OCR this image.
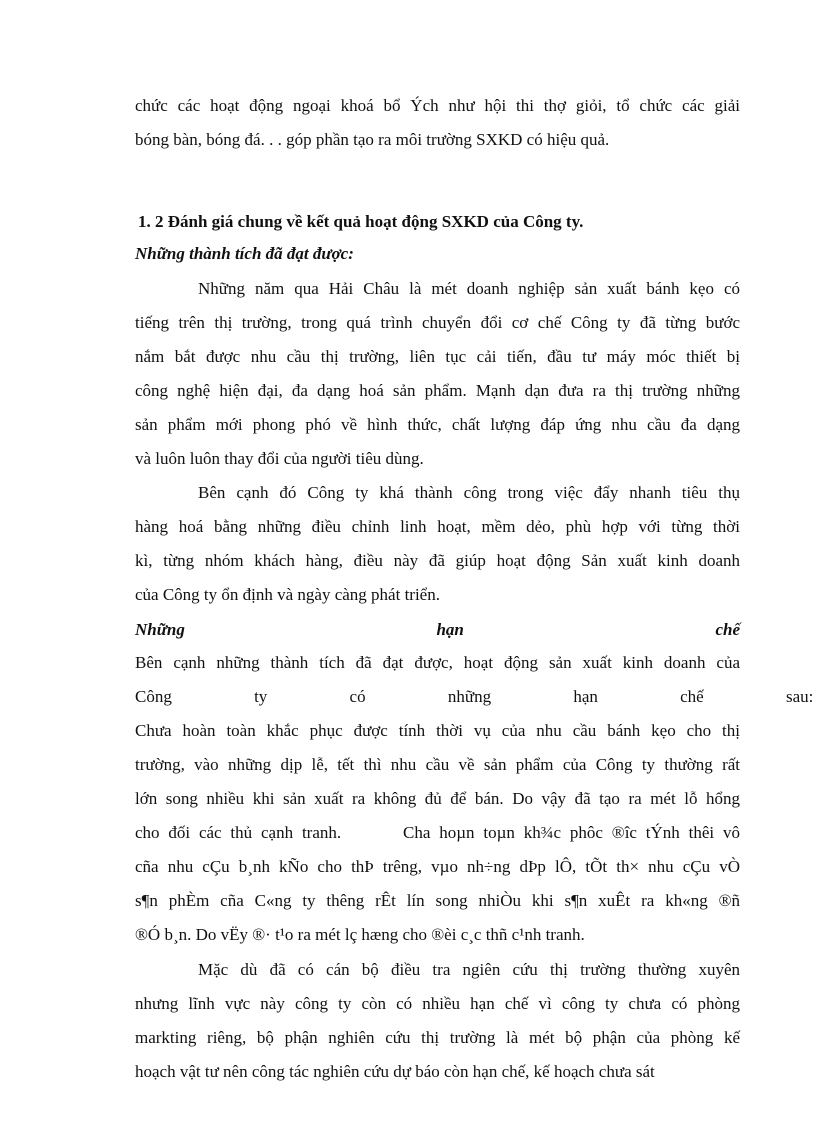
chức các hoạt động ngoại khoá bổ Ých như hội thi thợ giỏi, tổ chức các giải
bóng bàn, bóng đá. . . góp phần tạo ra môi trường SXKD có hiệu quả.
1. 2 Đánh giá chung về kết quả hoạt động SXKD của Công ty.
Những thành tích đã đạt được:
Những năm qua Hải Châu là mét doanh nghiệp sản xuất bánh kẹo có
tiếng trên thị trường, trong quá trình chuyển đổi cơ chế Công ty đã từng bước
nắm bắt được nhu cầu thị trường, liên tục cải tiến, đầu tư máy móc thiết bị
công nghệ hiện đại, đa dạng hoá sản phẩm. Mạnh dạn đưa ra thị trường những
sản phẩm mới phong phó về hình thức, chất lượng đáp ứng nhu cầu đa dạng
và luôn luôn thay đổi của người tiêu dùng.
Bên cạnh đó Công ty khá thành công trong việc đẩy nhanh tiêu thụ
hàng hoá bằng những điều chỉnh linh hoạt, mềm dẻo, phù hợp với từng thời
kì, từng nhóm khách hàng, điều này đã giúp hoạt động Sản xuất kinh doanh
của Công ty ổn định và ngày càng phát triển.
Những hạn chế
Bên cạnh những thành tích đã đạt được, hoạt động sản xuất kinh doanh của
Công ty có những hạn chế sau:
Chưa hoàn toàn khắc phục được tính thời vụ của nhu cầu bánh kẹo cho thị
trường, vào những dịp lễ, tết thì nhu cầu về sản phẩm của Công ty thường rất
lớn song nhiều khi sản xuất ra không đủ để bán. Do vậy đã tạo ra mét lỗ hổng
cho đối các thủ cạnh tranh.       Cha hoµn toµn kh¾c phôc ®îc tÝnh thêi vô
cña nhu cÇu b¸nh kÑo cho thÞ trêng, vµo nh÷ng dÞp lÔ, tÕt th× nhu cÇu vÒ
s¶n phÈm cña C«ng ty thêng rÊt lín song nhiÒu khi s¶n xuÊt ra kh«ng ®ñ
®Ó b¸n. Do vËy ®· t¹o ra mét lç hæng cho ®èi c¸c thñ c¹nh tranh.
Mặc dù đã có cán bộ điều tra ngiên cứu thị trường thường xuyên
nhưng lĩnh vực này công ty còn có nhiều hạn chế vì công ty chưa có phòng
markting riêng, bộ phận nghiên cứu thị trường là mét bộ phận của phòng kế
hoạch vật tư nên công tác nghiên cứu dự báo còn hạn chế, kế hoạch chưa sát
